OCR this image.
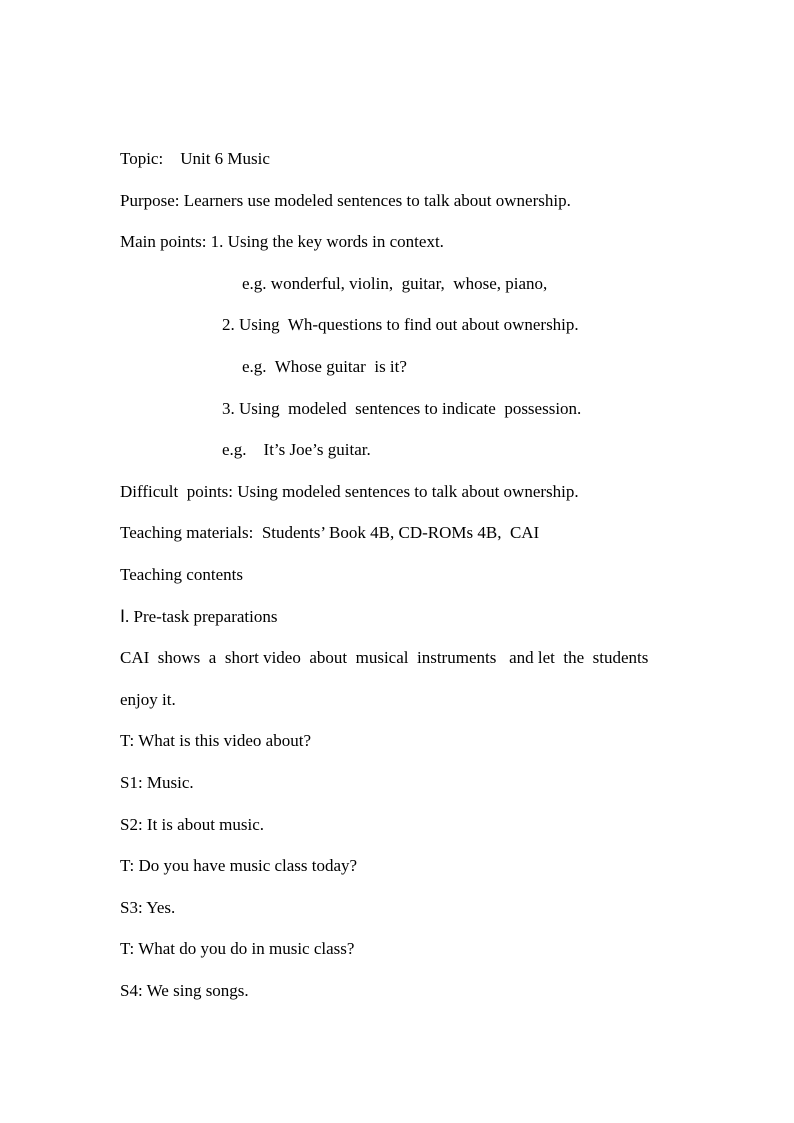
Topic:    Unit 6 Music
Purpose: Learners use modeled sentences to talk about ownership.
Main points: 1. Using the key words in context.
e.g. wonderful, violin,  guitar,  whose, piano,
2. Using  Wh-questions to find out about ownership.
e.g.  Whose guitar  is it?
3. Using  modeled  sentences to indicate  possession.
e.g.    It’s Joe’s guitar.
Difficult  points: Using modeled sentences to talk about ownership.
Teaching materials:  Students’ Book 4B, CD-ROMs 4B,  CAI
Teaching contents
Ⅰ. Pre-task preparations
CAI  shows  a  short video  about  musical  instruments   and let  the  students
enjoy it.
T: What is this video about?
S1: Music.
S2: It is about music.
T: Do you have music class today?
S3: Yes.
T: What do you do in music class?
S4: We sing songs.
